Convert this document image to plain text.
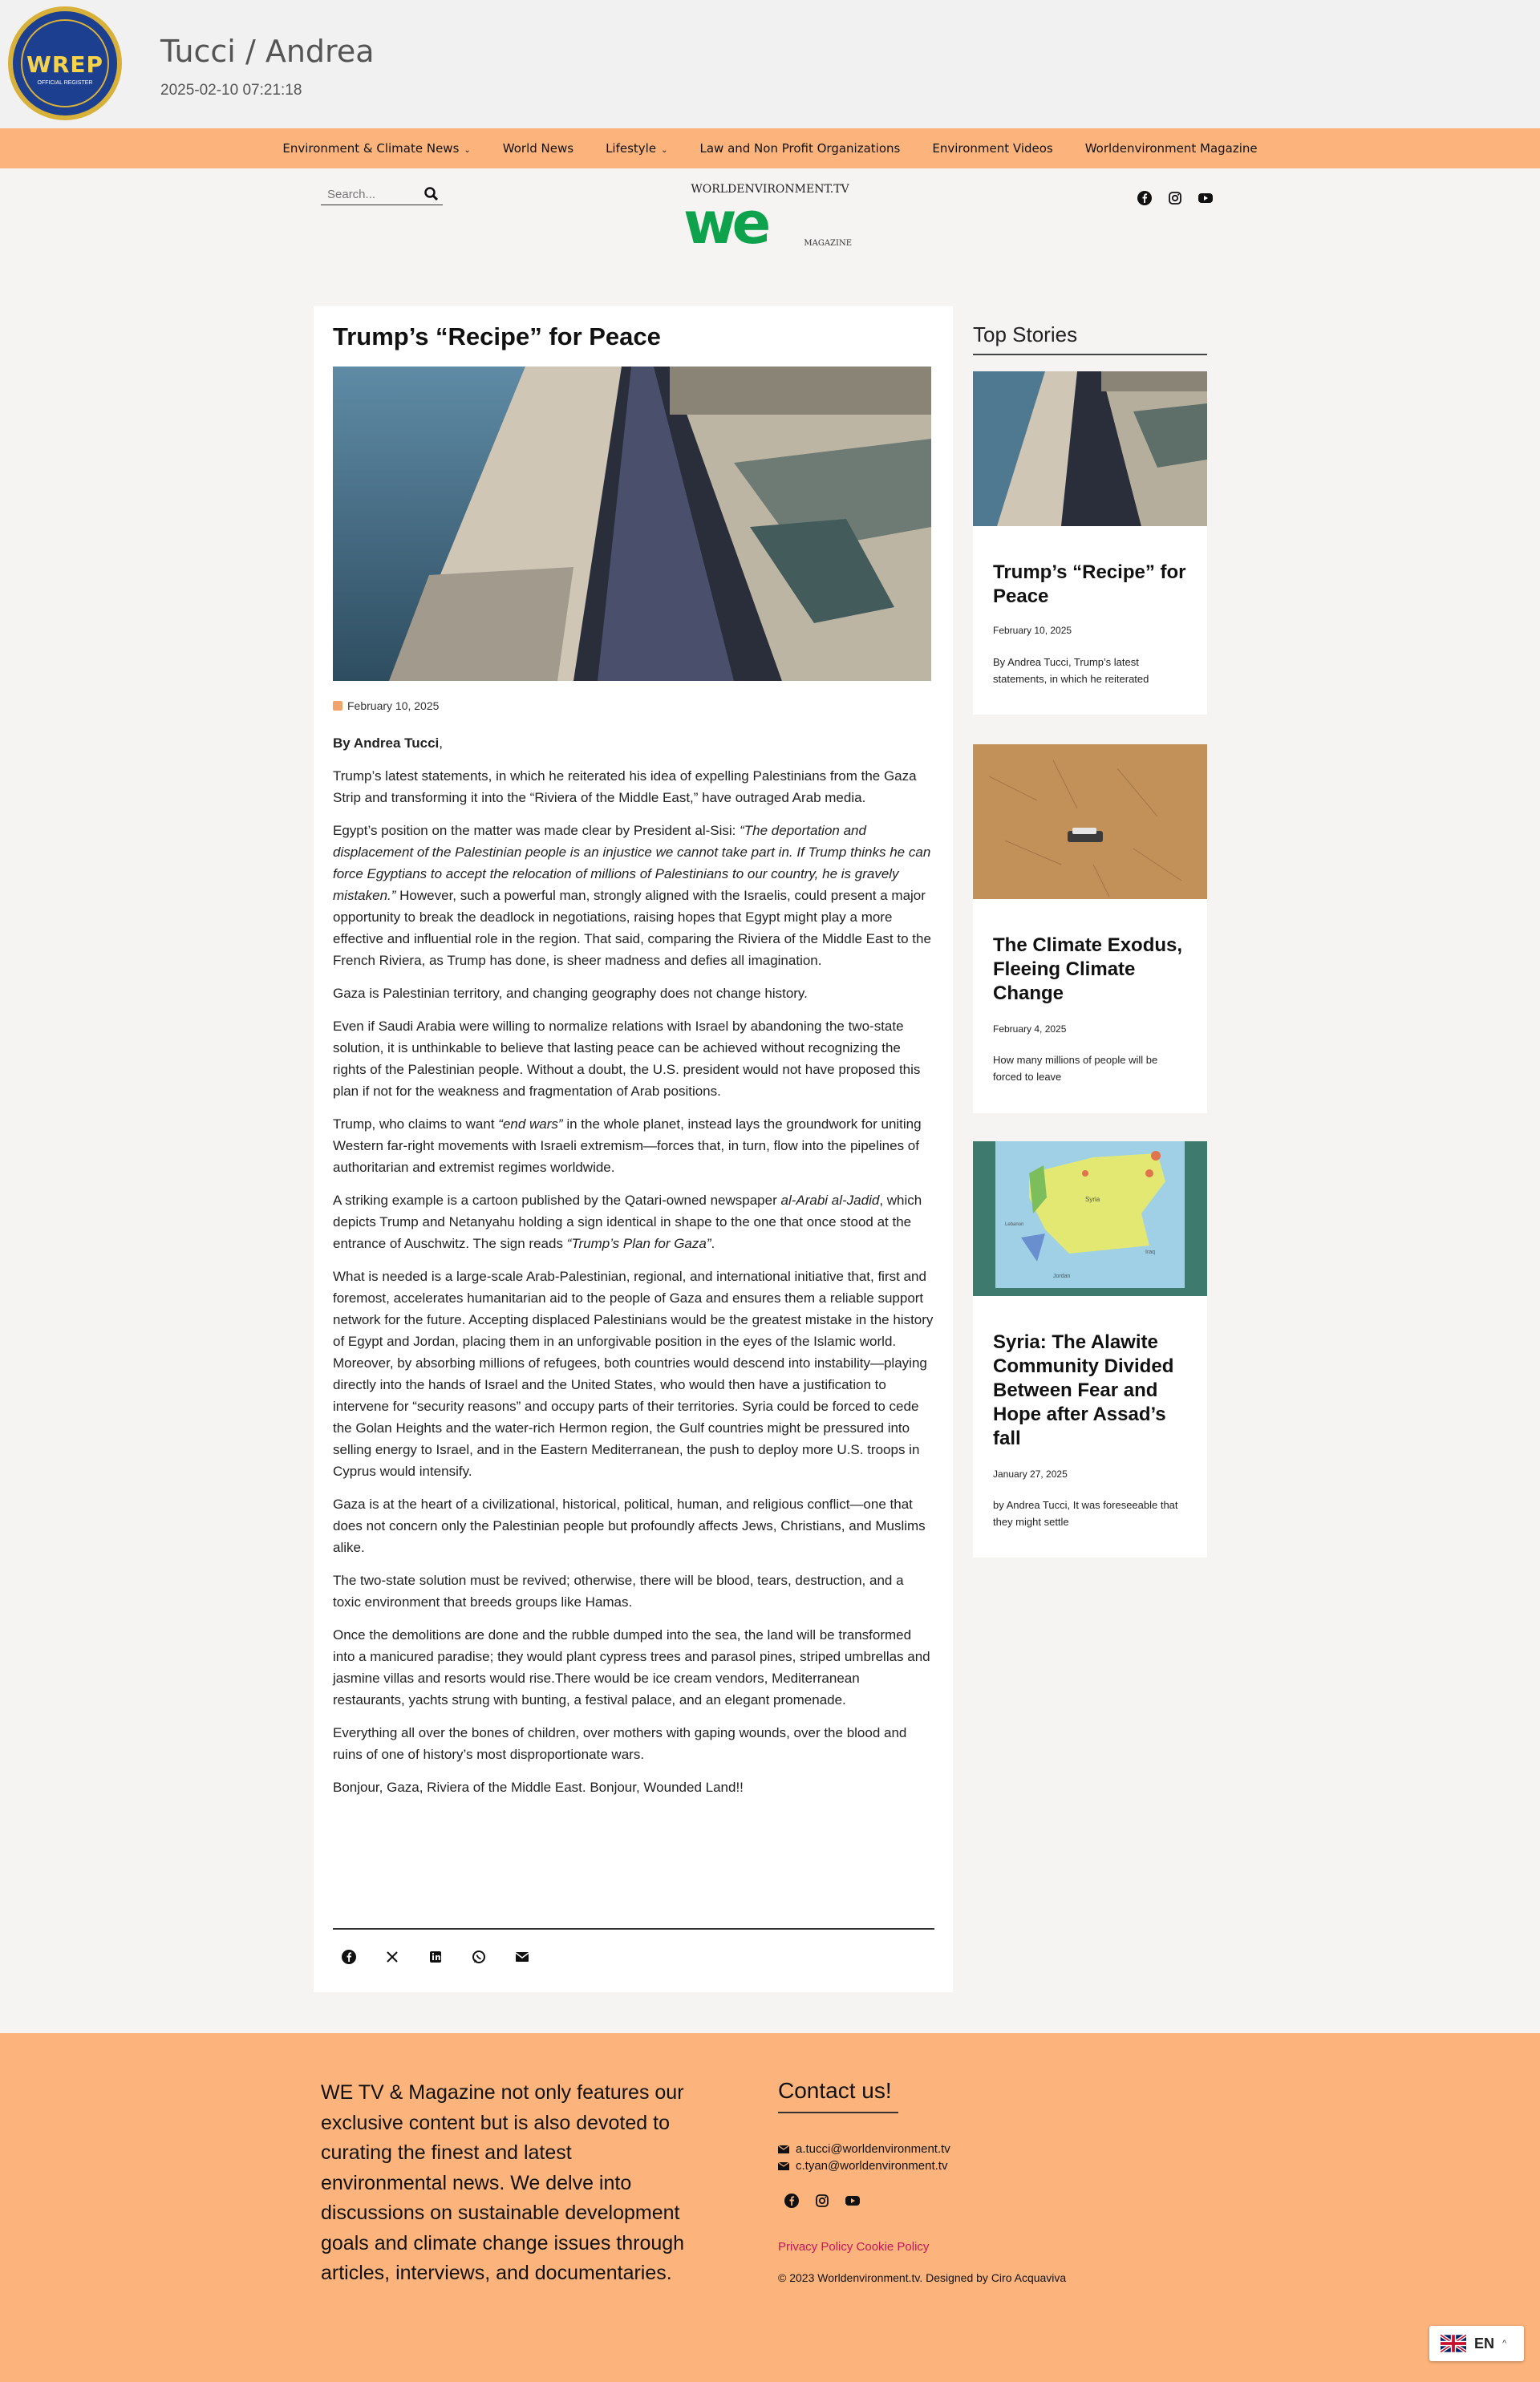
WREP
OFFICIAL REGISTER
Tucci / Andrea
2025-02-10 07:21:18
Environment & Climate News ⌄	World News	Lifestyle ⌄	Law and Non Profit Organizations	Environment Videos	Worldenvironment Magazine
Search...
WORLDENVIRONMENT.TV
we	MAGAZINE
Trump’s “Recipe” for Peace
February 10, 2025

By Andrea Tucci,

Trump’s latest statements, in which he reiterated his idea of expelling Palestinians from the Gaza Strip and transforming it into the “Riviera of the Middle East,” have outraged Arab media.

Egypt’s position on the matter was made clear by President al-Sisi: “The deportation and displacement of the Palestinian people is an injustice we cannot take part in. If Trump thinks he can force Egyptians to accept the relocation of millions of Palestinians to our country, he is gravely mistaken.” However, such a powerful man, strongly aligned with the Israelis, could present a major opportunity to break the deadlock in negotiations, raising hopes that Egypt might play a more effective and influential role in the region. That said, comparing the Riviera of the Middle East to the French Riviera, as Trump has done, is sheer madness and defies all imagination.

Gaza is Palestinian territory, and changing geography does not change history.

Even if Saudi Arabia were willing to normalize relations with Israel by abandoning the two-state solution, it is unthinkable to believe that lasting peace can be achieved without recognizing the rights of the Palestinian people. Without a doubt, the U.S. president would not have proposed this plan if not for the weakness and fragmentation of Arab positions.

Trump, who claims to want “end wars” in the whole planet, instead lays the groundwork for uniting Western far-right movements with Israeli extremism—forces that, in turn, flow into the pipelines of authoritarian and extremist regimes worldwide.

A striking example is a cartoon published by the Qatari-owned newspaper al-Arabi al-Jadid, which depicts Trump and Netanyahu holding a sign identical in shape to the one that once stood at the entrance of Auschwitz. The sign reads “Trump’s Plan for Gaza”.

What is needed is a large-scale Arab-Palestinian, regional, and international initiative that, first and foremost, accelerates humanitarian aid to the people of Gaza and ensures them a reliable support network for the future. Accepting displaced Palestinians would be the greatest mistake in the history of Egypt and Jordan, placing them in an unforgivable position in the eyes of the Islamic world. Moreover, by absorbing millions of refugees, both countries would descend into instability—playing directly into the hands of Israel and the United States, who would then have a justification to intervene for “security reasons” and occupy parts of their territories. Syria could be forced to cede the Golan Heights and the water-rich Hermon region, the Gulf countries might be pressured into selling energy to Israel, and in the Eastern Mediterranean, the push to deploy more U.S. troops in Cyprus would intensify.

Gaza is at the heart of a civilizational, historical, political, human, and religious conflict—one that does not concern only the Palestinian people but profoundly affects Jews, Christians, and Muslims alike.

The two-state solution must be revived; otherwise, there will be blood, tears, destruction, and a toxic environment that breeds groups like Hamas.

Once the demolitions are done and the rubble dumped into the sea, the land will be transformed into a manicured paradise; they would plant cypress trees and parasol pines, striped umbrellas and jasmine villas and resorts would rise.There would be ice cream vendors, Mediterranean restaurants, yachts strung with bunting, a festival palace, and an elegant promenade.

Everything all over the bones of children, over mothers with gaping wounds, over the blood and ruins of one of history’s most disproportionate wars.

Bonjour, Gaza, Riviera of the Middle East. Bonjour, Wounded Land!!

Top Stories
Trump’s “Recipe” for Peace
February 10, 2025
By Andrea Tucci, Trump’s latest statements, in which he reiterated
The Climate Exodus, Fleeing Climate Change
February 4, 2025
How many millions of people will be forced to leave
Syria
Lebanon
Iraq
Jordan
Syria: The Alawite Community Divided Between Fear and Hope after Assad’s fall
January 27, 2025
by Andrea Tucci, It was foreseeable that they might settle
WE TV & Magazine not only features our exclusive content but is also devoted to curating the finest and latest environmental news. We delve into discussions on sustainable development goals and climate change issues through articles, interviews, and documentaries.
Contact us!
a.tucci@worldenvironment.tv
c.tyan@worldenvironment.tv
Privacy Policy Cookie Policy
© 2023 Worldenvironment.tv. Designed by Ciro Acquaviva
EN ^
